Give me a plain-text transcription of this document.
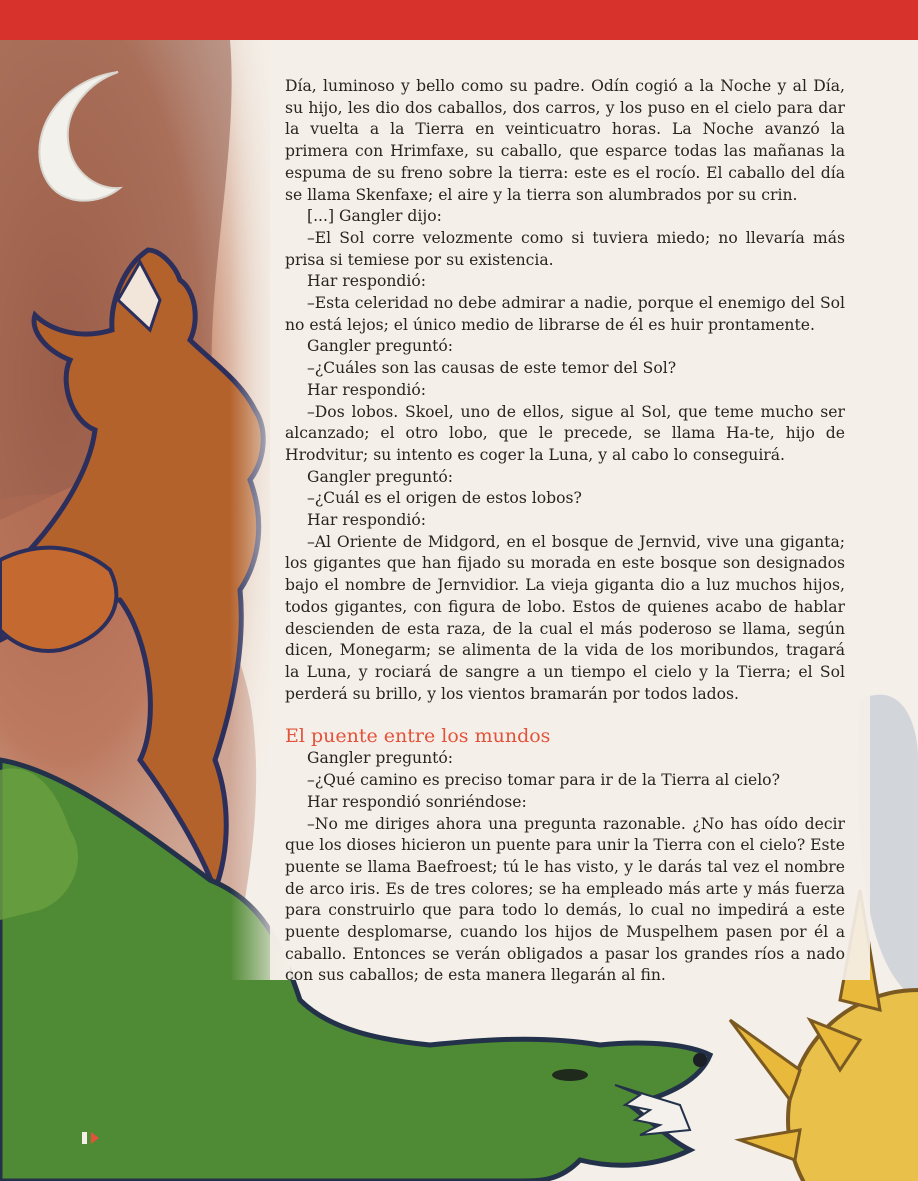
Día, luminoso y bello como su padre. Odín cogió a la Noche y al Día, su hijo, les dio dos caballos, dos carros, y los puso en el cielo para dar la vuelta a la Tierra en veinticuatro horas. La Noche avanzó la primera con Hrimfaxe, su caballo, que esparce todas las mañanas la espuma de su freno sobre la tierra: este es el rocío. El caballo del día se llama Skenfaxe; el aire y la tierra son alumbrados por su crin.

[...] Gangler dijo:

–El Sol corre velozmente como si tuviera miedo; no llevaría más prisa si temiese por su existencia.

Har respondió:

–Esta celeridad no debe admirar a nadie, porque el enemigo del Sol no está lejos; el único medio de librarse de él es huir prontamente.

Gangler preguntó:

–¿Cuáles son las causas de este temor del Sol?

Har respondió:

–Dos lobos. Skoel, uno de ellos, sigue al Sol, que teme mucho ser alcanzado; el otro lobo, que le precede, se llama Ha-te, hijo de Hrodvitur; su intento es coger la Luna, y al cabo lo conseguirá.

Gangler preguntó:

–¿Cuál es el origen de estos lobos?

Har respondió:

–Al Oriente de Midgord, en el bosque de Jernvid, vive una giganta; los gigantes que han fijado su morada en este bosque son designados bajo el nombre de Jernvidior. La vieja giganta dio a luz muchos hijos, todos gigantes, con figura de lobo. Estos de quienes acabo de hablar descienden de esta raza, de la cual el más poderoso se llama, según dicen, Monegarm; se alimenta de la vida de los moribundos, tragará la Luna, y rociará de sangre a un tiempo el cielo y la Tierra; el Sol perderá su brillo, y los vientos bramarán por todos lados.

El puente entre los mundos

Gangler preguntó:

–¿Qué camino es preciso tomar para ir de la Tierra al cielo?

Har respondió sonriéndose:

–No me diriges ahora una pregunta razonable. ¿No has oído decir que los dioses hicieron un puente para unir la Tierra con el cielo? Este puente se llama Baefroest; tú le has visto, y le darás tal vez el nombre de arco iris. Es de tres colores; se ha empleado más arte y más fuerza para construirlo que para todo lo demás, lo cual no impedirá a este puente desplomarse, cuando los hijos de Muspelhem pasen por él a caballo. Entonces se verán obligados a pasar los grandes ríos a nado con sus caballos; de esta manera llegarán al fin.
